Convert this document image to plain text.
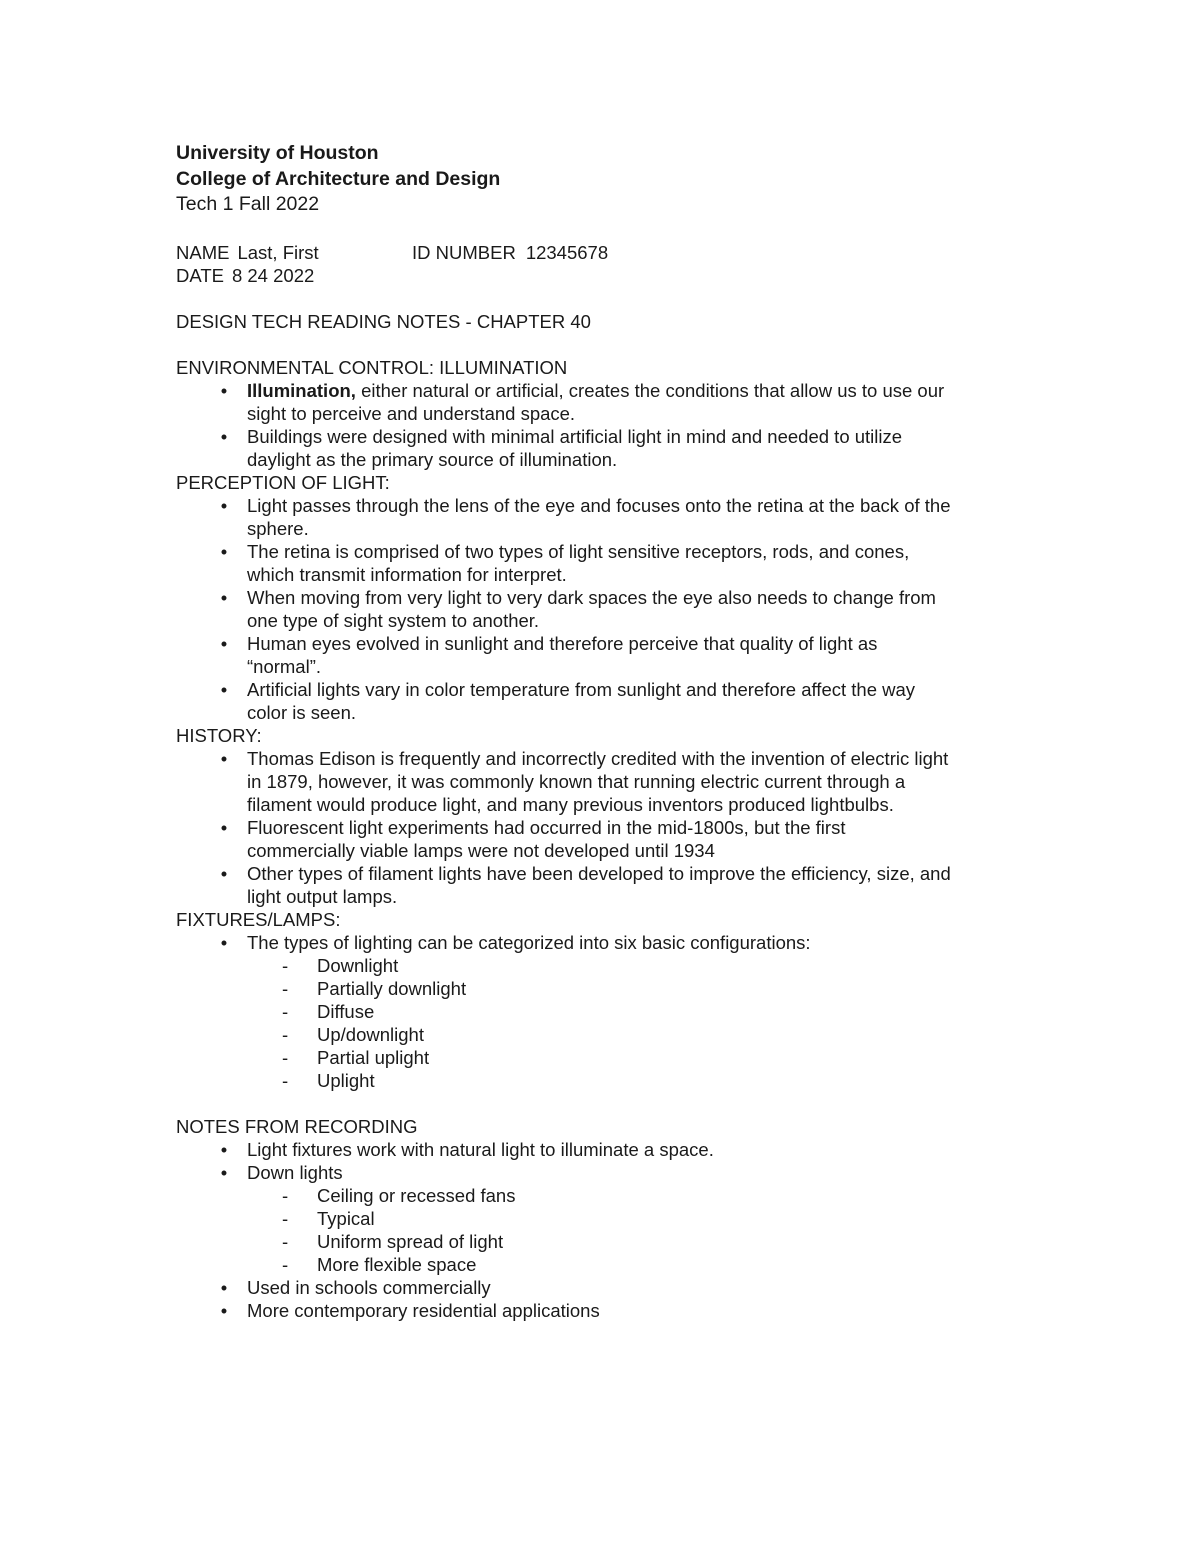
University of Houston
College of Architecture and Design
Tech 1 Fall 2022
NAME Last, First	ID NUMBER 12345678
DATE 8 24 2022
DESIGN TECH READING NOTES - CHAPTER 40
ENVIRONMENTAL CONTROL: ILLUMINATION
•	Illumination, either natural or artificial, creates the conditions that allow us to use our sight to perceive and understand space.
•	Buildings were designed with minimal artificial light in mind and needed to utilize daylight as the primary source of illumination.
PERCEPTION OF LIGHT:
•	Light passes through the lens of the eye and focuses onto the retina at the back of the sphere.
•	The retina is comprised of two types of light sensitive receptors, rods, and cones, which transmit information for interpret.
•	When moving from very light to very dark spaces the eye also needs to change from one type of sight system to another.
•	Human eyes evolved in sunlight and therefore perceive that quality of light as “normal”.
•	Artificial lights vary in color temperature from sunlight and therefore affect the way color is seen.
HISTORY:
•	Thomas Edison is frequently and incorrectly credited with the invention of electric light in 1879, however, it was commonly known that running electric current through a filament would produce light, and many previous inventors produced lightbulbs.
•	Fluorescent light experiments had occurred in the mid-1800s, but the first commercially viable lamps were not developed until 1934
•	Other types of filament lights have been developed to improve the efficiency, size, and light output lamps.
FIXTURES/LAMPS:
•	The types of lighting can be categorized into six basic configurations:
- Downlight
- Partially downlight
- Diffuse
- Up/downlight
- Partial uplight
- Uplight
NOTES FROM RECORDING
•	Light fixtures work with natural light to illuminate a space.
•	Down lights
- Ceiling or recessed fans
- Typical
- Uniform spread of light
- More flexible space
•	Used in schools commercially
•	More contemporary residential applications
